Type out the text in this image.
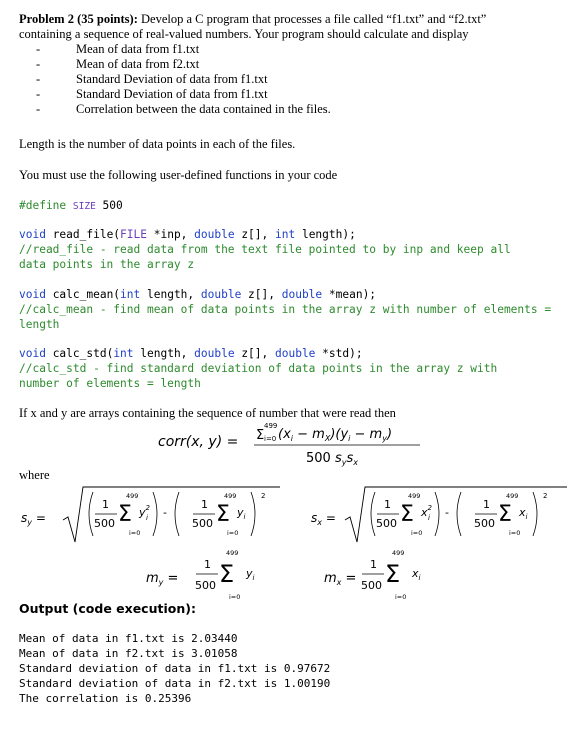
Problem 2 (35 points): Develop a C program that processes a file called “f1.txt” and “f2.txt”
containing a sequence of real-valued numbers. Your program should calculate and display
-	Mean of data from f1.txt
-	Mean of data from f2.txt
-	Standard Deviation of data from f1.txt
-	Standard Deviation of data from f1.txt
-	Correlation between the data contained in the files.
Length is the number of data points in each of the files.
You must use the following user-defined functions in your code
#define SIZE 500
void read_file(FILE *inp, double z[], int length);
//read_file - read data from the text file pointed to by inp and keep all
data points in the array z
void calc_mean(int length, double z[], double *mean);
//calc_mean - find mean of data points in the array z with number of elements =
length
void calc_std(int length, double z[], double *std);
//calc_std - find standard deviation of data points in the array z with
number of elements = length
If x and y are arrays containing the sequence of number that were read then
corr(x, y) = Σ
499
i=0 $(x_i - m_X)(y_i - m_y)$
500 $s_ys_x$
where
$s_y$ =
1
500
499
Σ
i=0
$y^2$ i -
1
500
499
Σ
i=0
$y_i$
2
$s_x$ =
1
500
499
Σ
i=0
$x^2$ i -
1
500
499
Σ
i=0
$x_i$
2
$m_y$ =
1
500
499
Σ
i=0
$y_i$	$m_x$ =
1
500
499
Σ
i=0
$x_i$
Output (code execution):
Mean of data in f1.txt is 2.03440
Mean of data in f2.txt is 3.01058
Standard deviation of data in f1.txt is 0.97672
Standard deviation of data in f2.txt is 1.00190
The correlation is 0.25396
